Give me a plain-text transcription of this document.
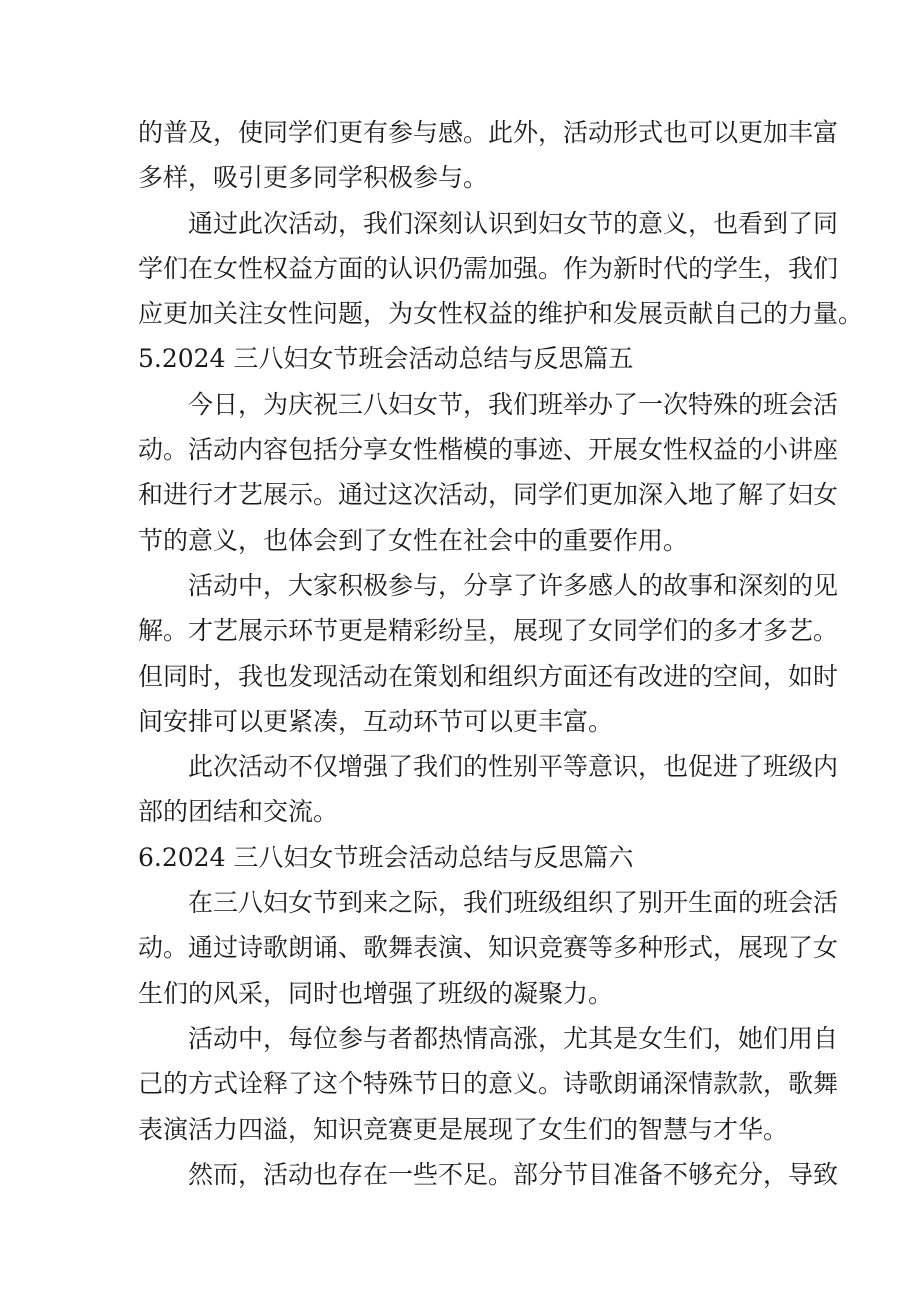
的普及，使同学们更有参与感。此外，活动形式也可以更加丰富
多样，吸引更多同学积极参与。
通过此次活动，我们深刻认识到妇女节的意义，也看到了同
学们在女性权益方面的认识仍需加强。作为新时代的学生，我们
应更加关注女性问题，为女性权益的维护和发展贡献自己的力量。
5.2024 三八妇女节班会活动总结与反思篇五
今日，为庆祝三八妇女节，我们班举办了一次特殊的班会活
动。活动内容包括分享女性楷模的事迹、开展女性权益的小讲座
和进行才艺展示。通过这次活动，同学们更加深入地了解了妇女
节的意义，也体会到了女性在社会中的重要作用。
活动中，大家积极参与，分享了许多感人的故事和深刻的见
解。才艺展示环节更是精彩纷呈，展现了女同学们的多才多艺。
但同时，我也发现活动在策划和组织方面还有改进的空间，如时
间安排可以更紧凑，互动环节可以更丰富。
此次活动不仅增强了我们的性别平等意识，也促进了班级内
部的团结和交流。
6.2024 三八妇女节班会活动总结与反思篇六
在三八妇女节到来之际，我们班级组织了别开生面的班会活
动。通过诗歌朗诵、歌舞表演、知识竞赛等多种形式，展现了女
生们的风采，同时也增强了班级的凝聚力。
活动中，每位参与者都热情高涨，尤其是女生们，她们用自
己的方式诠释了这个特殊节日的意义。诗歌朗诵深情款款，歌舞
表演活力四溢，知识竞赛更是展现了女生们的智慧与才华。
然而，活动也存在一些不足。部分节目准备不够充分，导致
